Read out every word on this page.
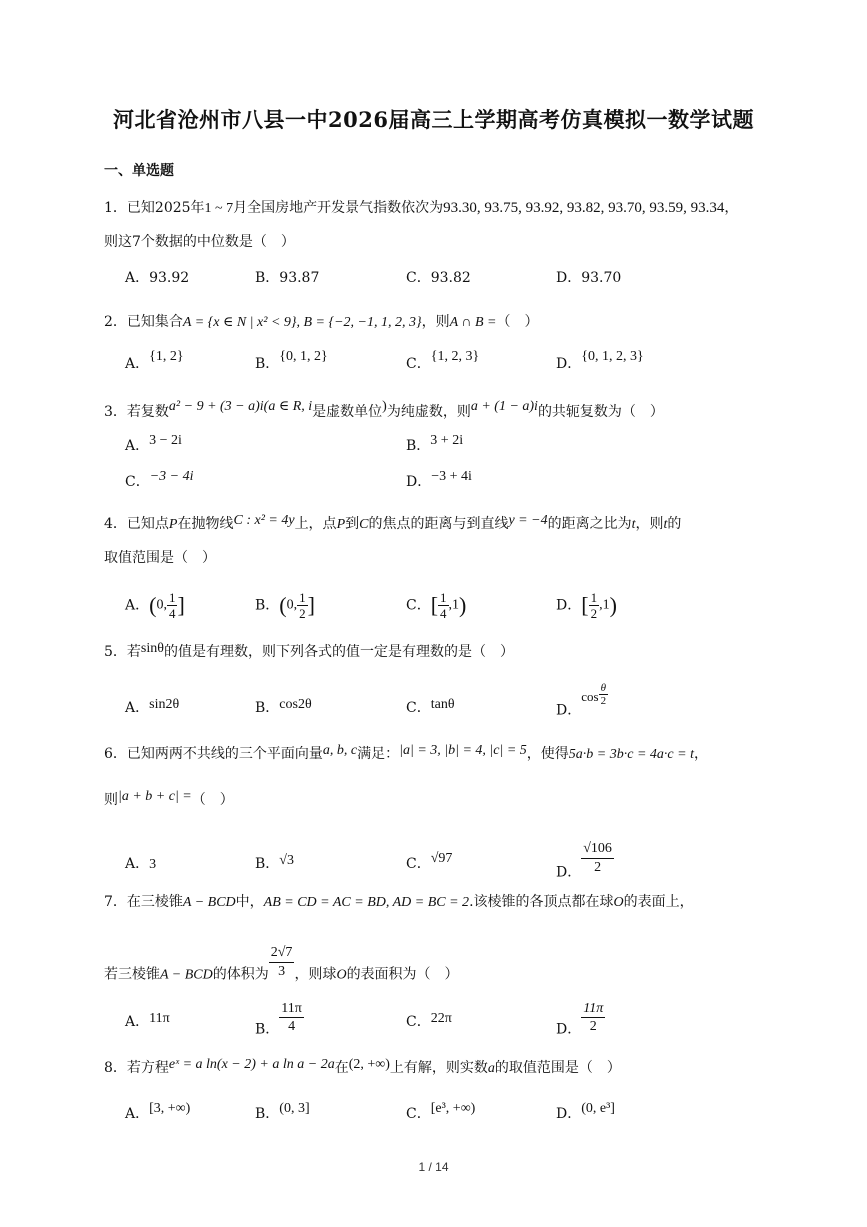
河北省沧州市八县一中2026届高三上学期高考仿真模拟一数学试题
一、单选题
1．已知2025年1 ~ 7月全国房地产开发景气指数依次为93.30, 93.75, 93.92, 93.82, 93.70, 93.59, 93.34，
则这7个数据的中位数是（　）
A．93.92	B．93.87	C．93.82	D．93.70
2．已知集合A = {x ∈ N | x² < 9}, B = {−2, −1, 1, 2, 3}，则A ∩ B =（　）
A．{1, 2}	B．{0, 1, 2}	C．{1, 2, 3}	D．{0, 1, 2, 3}
3．若复数a² − 9 + (3 − a)i(a ∈ R, i是虚数单位)为纯虚数，则a + (1 − a)i的共轭复数为（　）
A．3 − 2i	B．3 + 2i
C．−3 − 4i	D．−3 + 4i
4．已知点P在抛物线C : x² = 4y上，点P到C的焦点的距离与到直线y = −4的距离之比为t，则t的
取值范围是（　）
A．(0, $\frac{1}{4}$ ]	B．(0, $\frac{1}{2}$ ]	C．[ $\frac{1}{4} ,1$)	D．[ $\frac{1}{2} ,1$)
5．若sinθ的值是有理数，则下列各式的值一定是有理数的是（　）
A．sin2θ	B．cos2θ	C．tanθ	D．$\cos \frac{\theta}{2}$
6．已知两两不共线的三个平面向量a, b, c满足：|a| = 3, |b| = 4, |c| = 5，使得5a·b = 3b·c = 4a·c = t，
则|a + b + c| =（　）
A．3	B．√3	C．√97
D． $\frac{√106}{2}$
7．在三棱锥A − BCD中，AB = CD = AC = BD, AD = BC = 2.该棱锥的各顶点都在球O的表面上，
若三棱锥A − BCD的体积为 $\frac{2√7}{3}$ ，则球O的表面积为（　）
A．11π
B． $\frac{11\pi}{4}$	C．22π
D． $\frac{11\pi}{2}$
8．若方程eˣ = a ln(x − 2) + a ln a − 2a在(2, +∞)上有解，则实数a的取值范围是（　）
A．[3, +∞)	B．(0, 3]	C．[e³, +∞)	D．(0, e³]
1 / 14
